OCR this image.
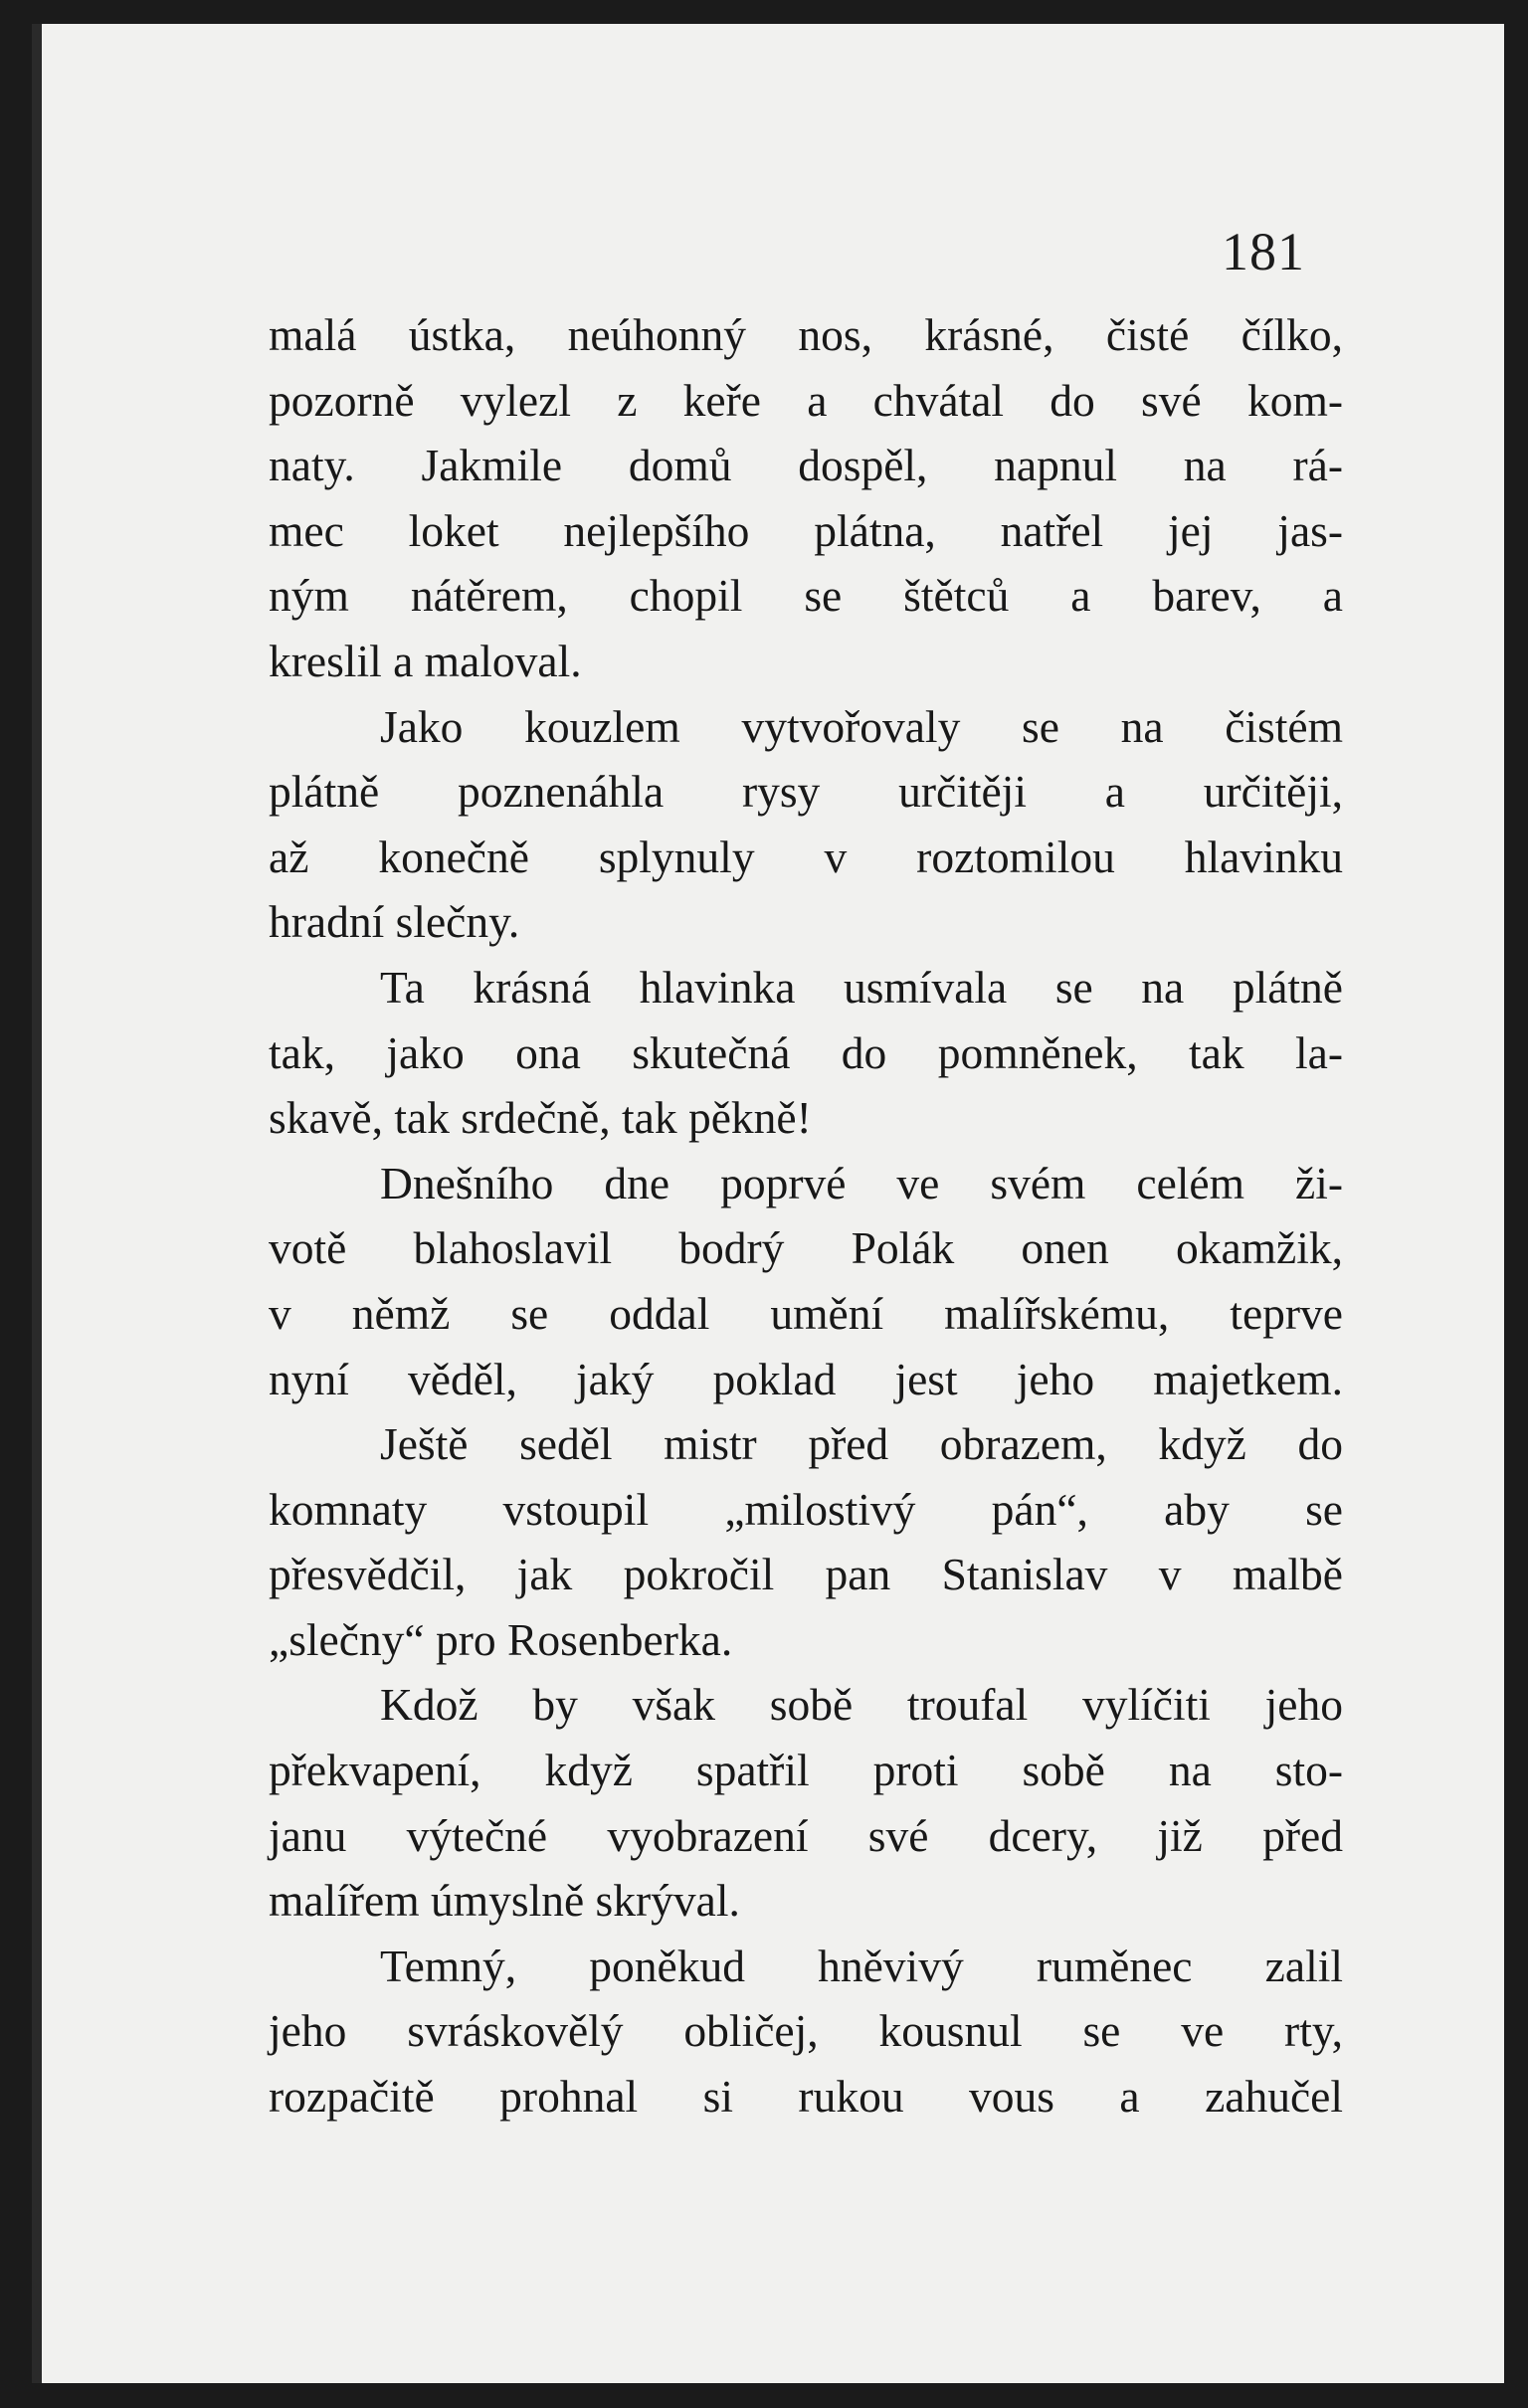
181
malá ústka, neúhonný nos, krásné, čisté čílko,
pozorně vylezl z keře a chvátal do své kom-
naty. Jakmile domů dospěl, napnul na rá-
mec loket nejlepšího plátna, natřel jej jas-
ným nátěrem, chopil se štětců a barev, a
kreslil a maloval.
Jako kouzlem vytvořovaly se na čistém
plátně poznenáhla rysy určitěji a určitěji,
až konečně splynuly v roztomilou hlavinku
hradní slečny.
Ta krásná hlavinka usmívala se na plátně
tak, jako ona skutečná do pomněnek, tak la-
skavě, tak srdečně, tak pěkně!
Dnešního dne poprvé ve svém celém ži-
votě blahoslavil bodrý Polák onen okamžik,
v němž se oddal umění malířskému, teprve
nyní věděl, jaký poklad jest jeho majetkem.
Ještě seděl mistr před obrazem, když do
komnaty vstoupil „milostivý pán“, aby se
přesvědčil, jak pokročil pan Stanislav v malbě
„slečny“ pro Rosenberka.
Kdož by však sobě troufal vylíčiti jeho
překvapení, když spatřil proti sobě na sto-
janu výtečné vyobrazení své dcery, již před
malířem úmyslně skrýval.
Temný, poněkud hněvivý ruměnec zalil
jeho svráskovělý obličej, kousnul se ve rty,
rozpačitě prohnal si rukou vous a zahučel
